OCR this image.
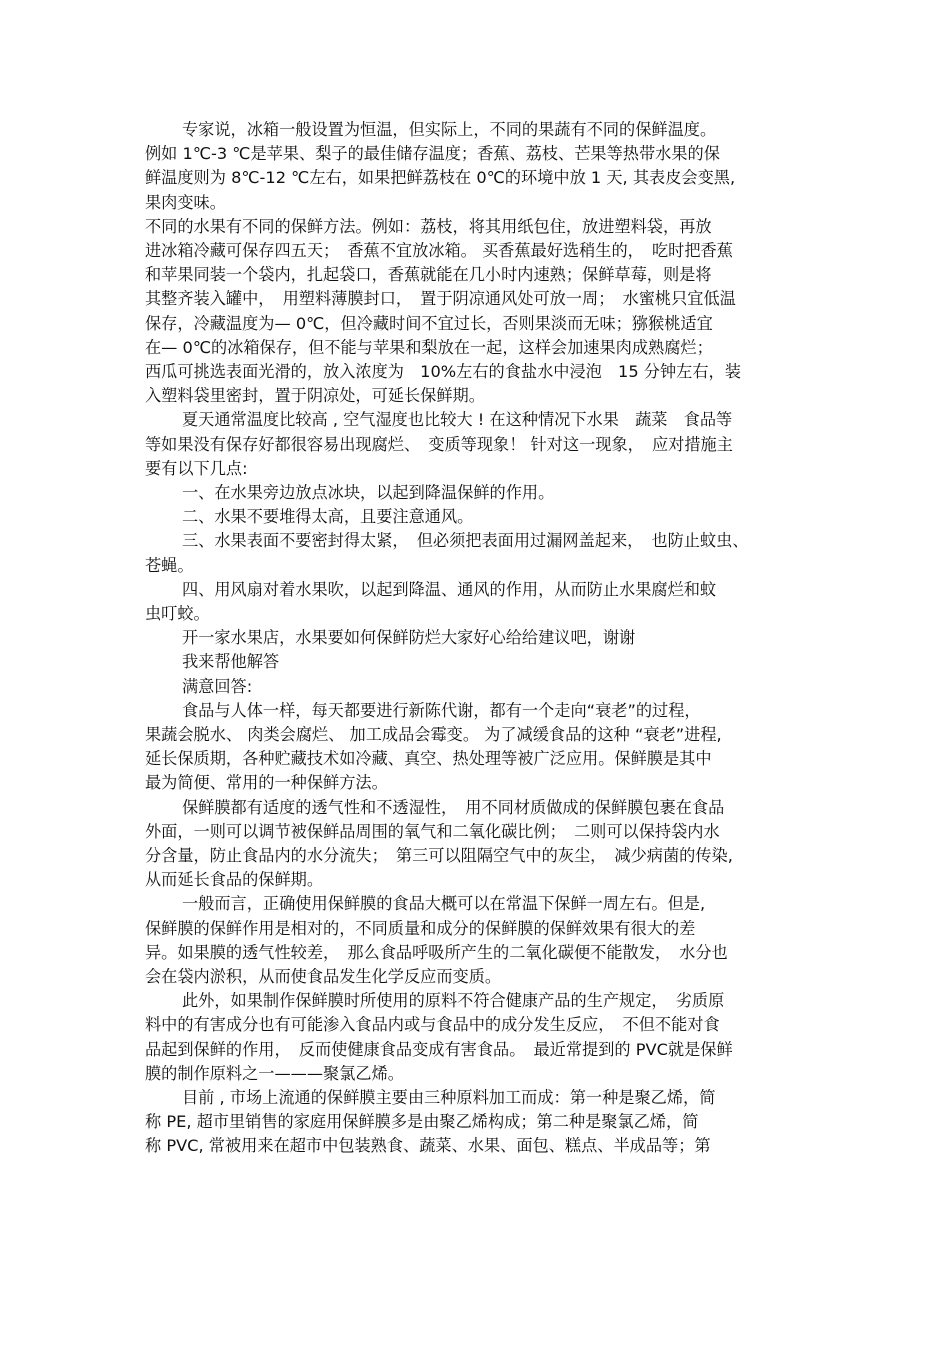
专家说，冰箱一般设置为恒温，但实际上，不同的果蔬有不同的保鲜温度。
例如 1℃-3 ℃是苹果、梨子的最佳储存温度；香蕉、荔枝、芒果等热带水果的保
鲜温度则为 8℃-12 ℃左右，如果把鲜荔枝在 0℃的环境中放 1 天, 其表皮会变黑,
果肉变味。
不同的水果有不同的保鲜方法。例如：荔枝，将其用纸包住，放进塑料袋，再放
进冰箱冷藏可保存四五天；　香蕉不宜放冰箱。 买香蕉最好选稍生的，　吃时把香蕉
和苹果同装一个袋内，扎起袋口，香蕉就能在几小时内速熟；保鲜草莓，则是将
其整齐装入罐中，　用塑料薄膜封口，　置于阴凉通风处可放一周；　水蜜桃只宜低温
保存，冷藏温度为— 0℃，但冷藏时间不宜过长，否则果淡而无味；猕猴桃适宜
在— 0℃的冰箱保存，但不能与苹果和梨放在一起，这样会加速果肉成熟腐烂；
西瓜可挑选表面光滑的，放入浓度为　10%左右的食盐水中浸泡　15 分钟左右，装
入塑料袋里密封，置于阴凉处，可延长保鲜期。
夏天通常温度比较高 , 空气湿度也比较大 ! 在这种情况下水果　蔬菜　食品等
等如果没有保存好都很容易出现腐烂、　变质等现象！ 针对这一现象，　应对措施主
要有以下几点:
一、在水果旁边放点冰块，以起到降温保鲜的作用。
二、水果不要堆得太高，且要注意通风。
三、水果表面不要密封得太紧，　但必须把表面用过漏网盖起来，　也防止蚊虫、
苍蝇。
四、用风扇对着水果吹，以起到降温、通风的作用，从而防止水果腐烂和蚊
虫叮蛟。
开一家水果店，水果要如何保鲜防烂大家好心给给建议吧，谢谢
我来帮他解答
满意回答:
食品与人体一样，每天都要进行新陈代谢，都有一个走向“衰老”的过程，
果蔬会脱水、 肉类会腐烂、 加工成品会霉变。 为了减缓食品的这种 “衰老”进程,
延长保质期，各种贮藏技术如冷藏、真空、热处理等被广泛应用。保鲜膜是其中
最为简便、常用的一种保鲜方法。
保鲜膜都有适度的透气性和不透湿性，　用不同材质做成的保鲜膜包裹在食品
外面，一则可以调节被保鲜品周围的氧气和二氧化碳比例；　二则可以保持袋内水
分含量，防止食品内的水分流失；　第三可以阻隔空气中的灰尘，　减少病菌的传染,
从而延长食品的保鲜期。
一般而言，正确使用保鲜膜的食品大概可以在常温下保鲜一周左右。但是,
保鲜膜的保鲜作用是相对的，不同质量和成分的保鲜膜的保鲜效果有很大的差
异。如果膜的透气性较差，　那么食品呼吸所产生的二氧化碳便不能散发，　水分也
会在袋内淤积，从而使食品发生化学反应而变质。
此外，如果制作保鲜膜时所使用的原料不符合健康产品的生产规定，　劣质原
料中的有害成分也有可能渗入食品内或与食品中的成分发生反应，　不但不能对食
品起到保鲜的作用，　反而使健康食品变成有害食品。　最近常提到的 PVC就是保鲜
膜的制作原料之一———聚氯乙烯。
目前 , 市场上流通的保鲜膜主要由三种原料加工而成：第一种是聚乙烯，简
称 PE, 超市里销售的家庭用保鲜膜多是由聚乙烯构成；第二种是聚氯乙烯，简
称 PVC, 常被用来在超市中包装熟食、蔬菜、水果、面包、糕点、半成品等；第
